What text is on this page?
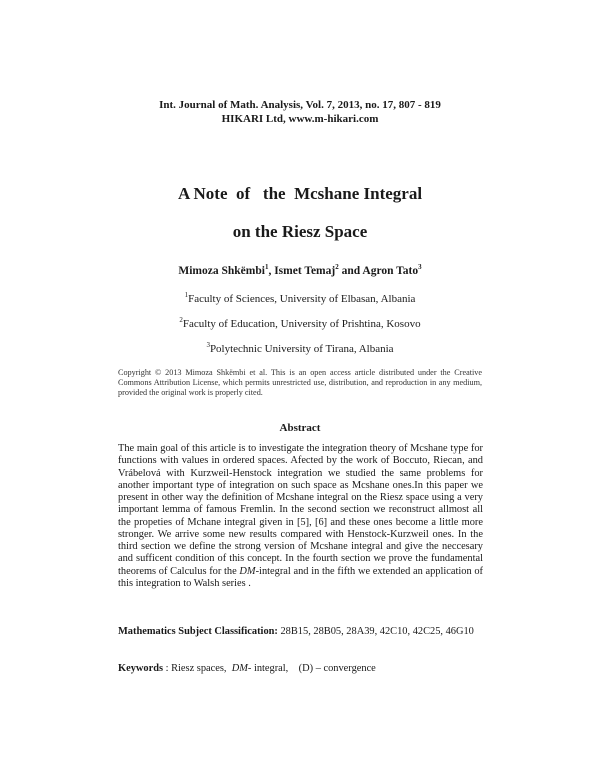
Int. Journal of Math. Analysis, Vol. 7, 2013, no. 17, 807 - 819
HIKARI Ltd, www.m-hikari.com
A Note  of   the  Mcshane Integral
on the Riesz Space
Mimoza Shkëmbi$^1$, Ismet Temaj$^2$ and Agron Tato$^3$
$^1$Faculty of Sciences, University of Elbasan, Albania
$^2$Faculty of Education, University of Prishtina, Kosovo
$^3$Polytechnic University of Tirana, Albania
Copyright © 2013 Mimoza Shkëmbi et al. This is an open access article distributed under the Creative Commons Attribution License, which permits unrestricted use, distribution, and reproduction in any medium, provided the original work is properly cited.
Abstract
The main goal of this article is to investigate the integration theory of Mcshane type for functions with values in ordered spaces. Afected by the work of Boccuto, Riecan, and Vrábelová with Kurzweil-Henstock integration we studied the same problems for another important type of integration on such space as Mcshane ones.In this paper we present in other way the definition of Mcshane integral on the Riesz space using a very important lemma of famous Fremlin. In the second section we reconstruct allmost all the propeties of Mchane integral given in [5], [6] and these ones become a little more stronger. We arrive some new results compared with Henstock-Kurzweil ones. In the third section we define the strong version of Mcshane integral and give the neccesary and sufficent condition of this concept. In the fourth section we prove the fundamental theorems of Calculus for the DM-integral and in the fifth we extended an application of this integration to Walsh series .
Mathematics Subject Classification: 28B15, 28B05, 28A39, 42C10, 42C25, 46G10
Keywords : Riesz spaces,  DM- integral,    (D) – convergence
